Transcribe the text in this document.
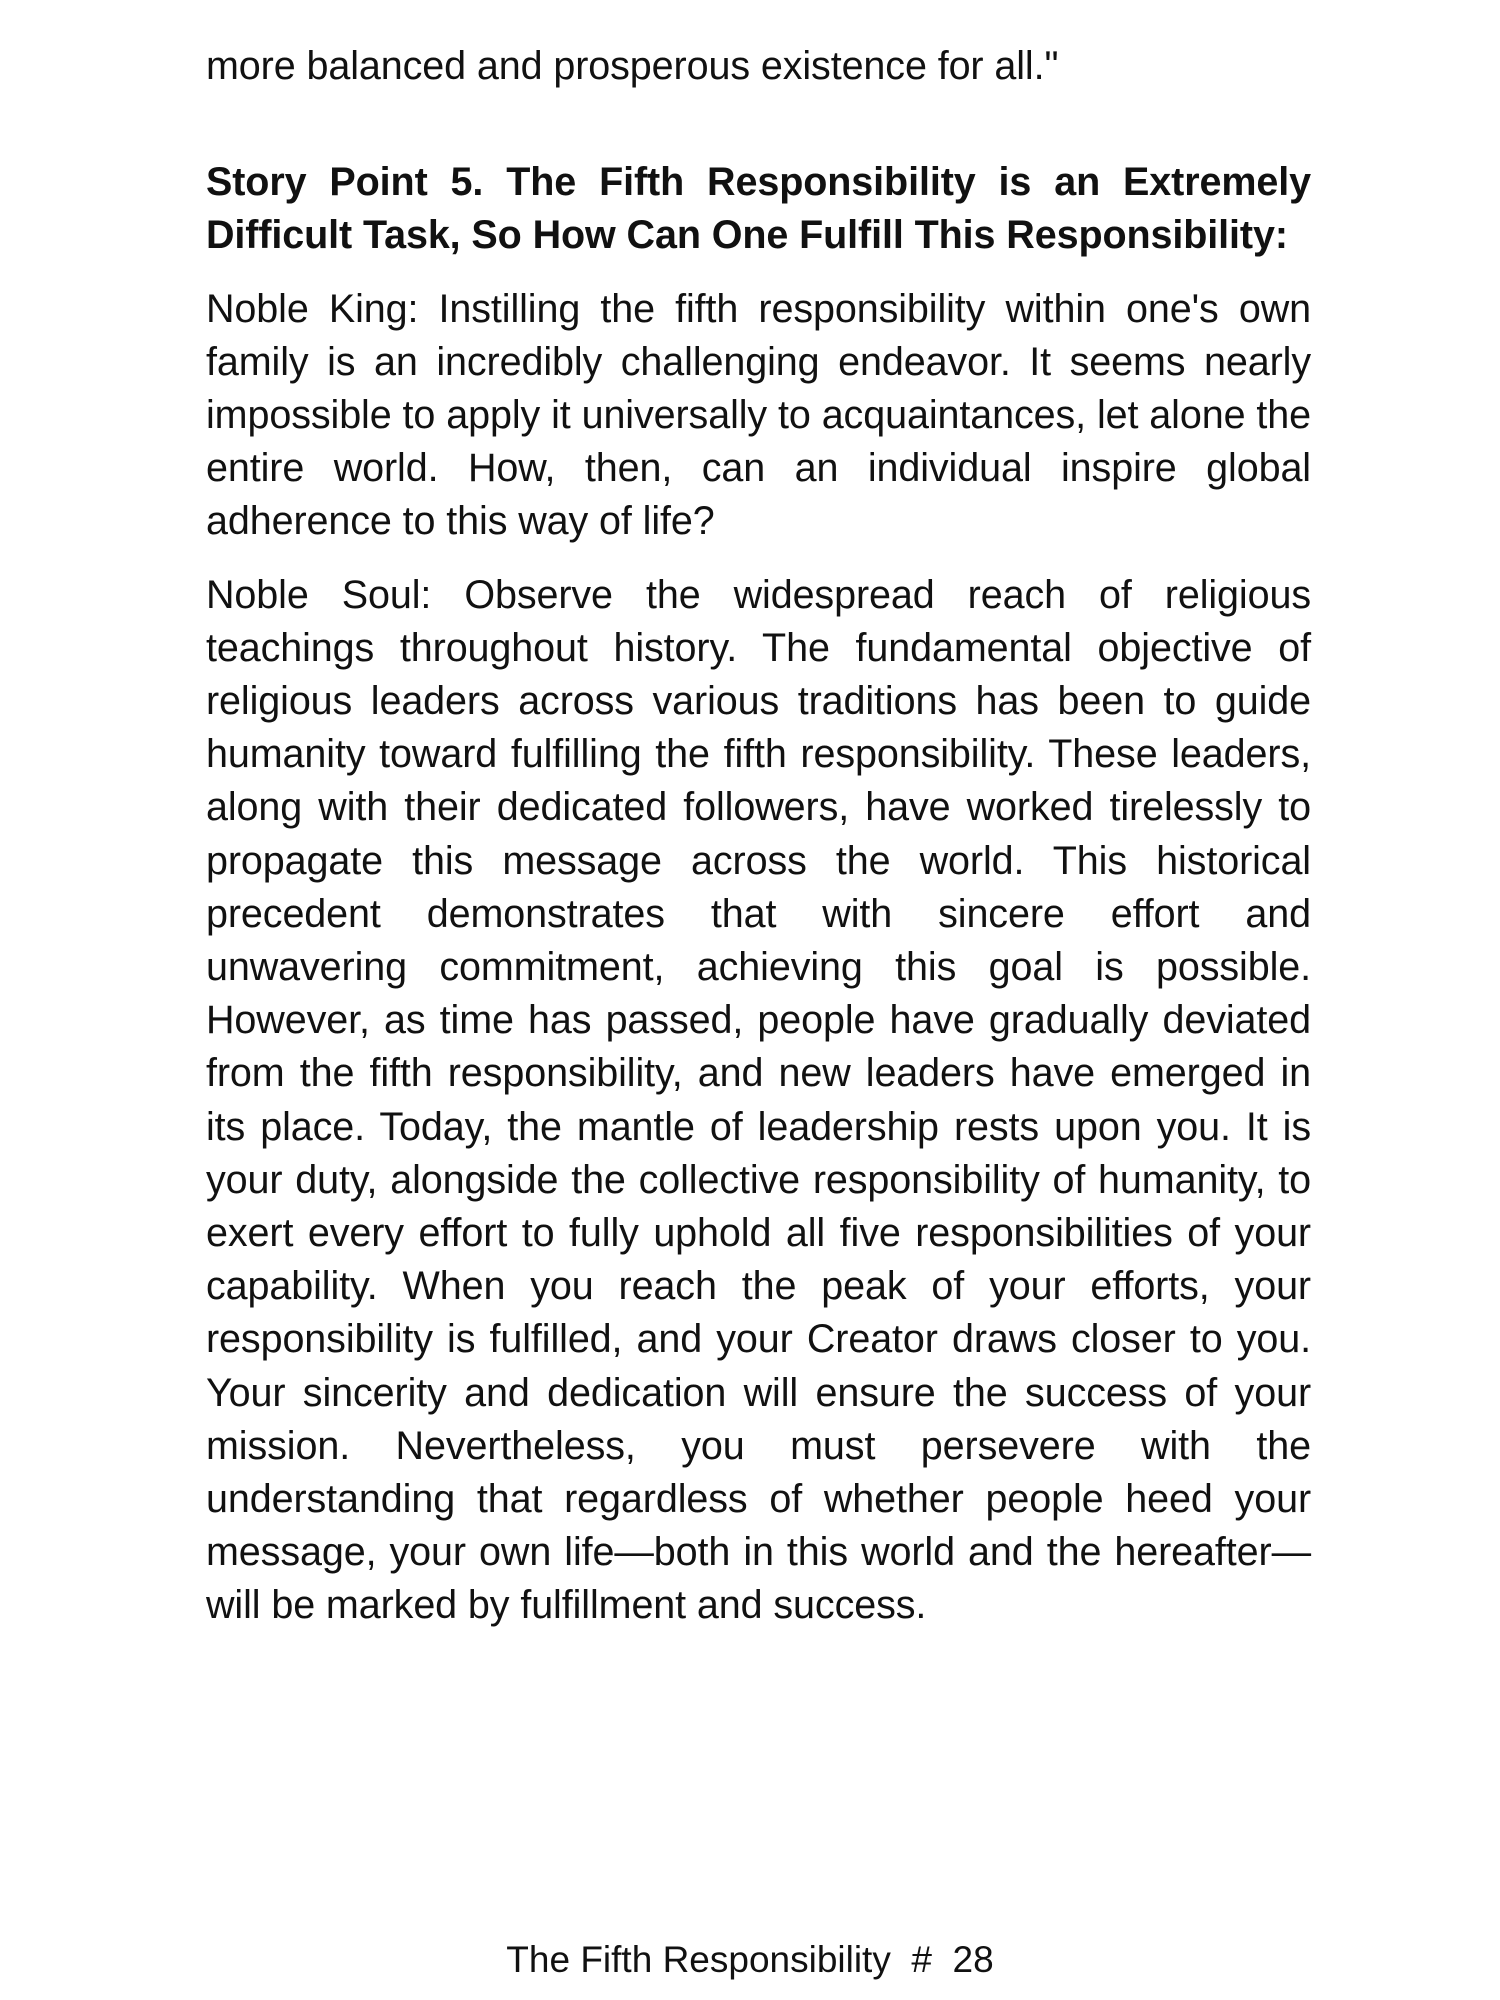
more balanced and prosperous existence for all."

Story Point 5. The Fifth Responsibility is an Extremely Difficult Task, So How Can One Fulfill This Responsibility:

Noble King: Instilling the fifth responsibility within one's own family is an incredibly challenging endeavor. It seems nearly impossible to apply it universally to acquaintances, let alone the entire world. How, then, can an individual inspire global adherence to this way of life?

Noble Soul: Observe the widespread reach of religious teachings throughout history. The fundamental objective of religious leaders across various traditions has been to guide humanity toward fulfilling the fifth responsibility. These leaders, along with their dedicated followers, have worked tirelessly to propagate this message across the world. This historical precedent demonstrates that with sincere effort and unwavering commitment, achieving this goal is possible. However, as time has passed, people have gradually deviated from the fifth responsibility, and new leaders have emerged in its place. Today, the mantle of leadership rests upon you. It is your duty, alongside the collective responsibility of humanity, to exert every effort to fully uphold all five responsibilities of your capability. When you reach the peak of your efforts, your responsibility is fulfilled, and your Creator draws closer to you. Your sincerity and dedication will ensure the success of your mission. Nevertheless, you must persevere with the understanding that regardless of whether people heed your message, your own life—both in this world and the hereafter—will be marked by fulfillment and success.

The Fifth Responsibility # 28
